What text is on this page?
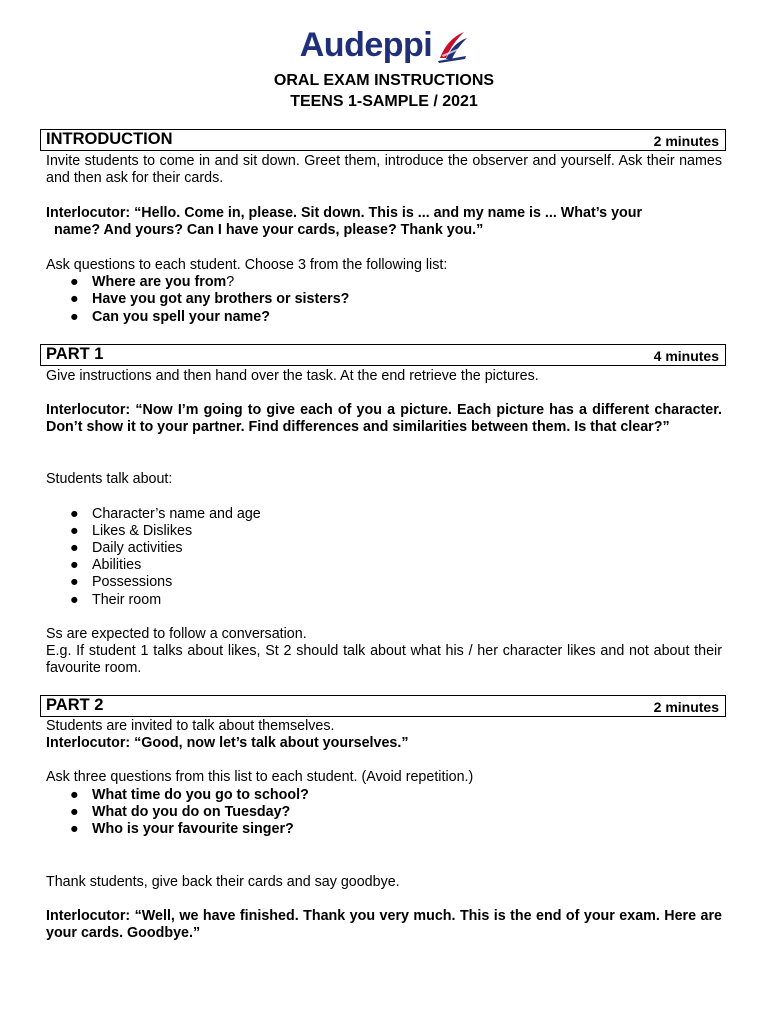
Audeppi
ORAL EXAM INSTRUCTIONS
TEENS 1-SAMPLE / 2021
INTRODUCTION	2 minutes
Invite students to come in and sit down. Greet them, introduce the observer and yourself. Ask their names and then ask for their cards.
Interlocutor: “Hello. Come in, please. Sit down. This is ... and my name is ... What’s your
name? And yours? Can I have your cards, please? Thank you.”
Ask questions to each student. Choose 3 from the following list:
● Where are you from?
● Have you got any brothers or sisters?
● Can you spell your name?
PART 1	4 minutes
Give instructions and then hand over the task. At the end retrieve the pictures.
Interlocutor: “Now I’m going to give each of you a picture. Each picture has a different character. Don’t show it to your partner. Find differences and similarities between them. Is that clear?”
Students talk about:
● Character’s name and age
● Likes & Dislikes
● Daily activities
● Abilities
● Possessions
● Their room
Ss are expected to follow a conversation.
E.g. If student 1 talks about likes, St 2 should talk about what his / her character likes and not about their favourite room.
PART 2	2 minutes
Students are invited to talk about themselves.
Interlocutor: “Good, now let’s talk about yourselves.”
Ask three questions from this list to each student. (Avoid repetition.)
● What time do you go to school?
● What do you do on Tuesday?
● Who is your favourite singer?
Thank students, give back their cards and say goodbye.
Interlocutor: “Well, we have finished. Thank you very much. This is the end of your exam. Here are your cards. Goodbye.”
